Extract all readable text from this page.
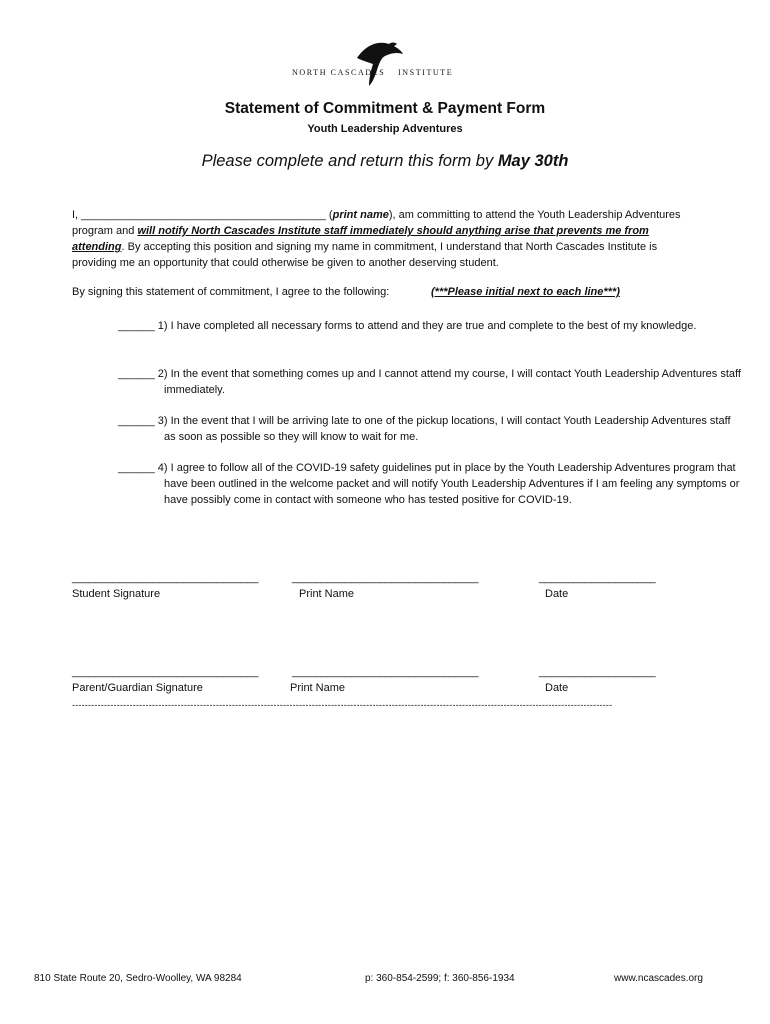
NORTH CASCADES INSTITUTE
Statement of Commitment & Payment Form
Youth Leadership Adventures
Please complete and return this form by May 30th
I, ________________________________________ (print name), am committing to attend the Youth Leadership Adventures program and will notify North Cascades Institute staff immediately should anything arise that prevents me from attending. By accepting this position and signing my name in commitment, I understand that North Cascades Institute is providing me an opportunity that could otherwise be given to another deserving student.
By signing this statement of commitment, I agree to the following:	(***Please initial next to each line***)
______ 1) I have completed all necessary forms to attend and they are true and complete to the best of my knowledge.
______ 2) In the event that something comes up and I cannot attend my course, I will contact Youth Leadership Adventures staff immediately.
______ 3) In the event that I will be arriving late to one of the pickup locations, I will contact Youth Leadership Adventures staff as soon as possible so they will know to wait for me.
______ 4) I agree to follow all of the COVID-19 safety guidelines put in place by the Youth Leadership Adventures program that have been outlined in the welcome packet and will notify Youth Leadership Adventures if I am feeling any symptoms or have possibly come in contact with someone who has tested positive for COVID-19.
________________________________	________________________________	____________________
Student Signature	Print Name	Date
________________________________	________________________________	____________________
Parent/Guardian Signature	Print Name	Date
-------------------------------------------------------------------------------------------------------------------------------------------------------------------------
810 State Route 20, Sedro-Woolley, WA 98284	p: 360-854-2599; f: 360-856-1934	www.ncascades.org
